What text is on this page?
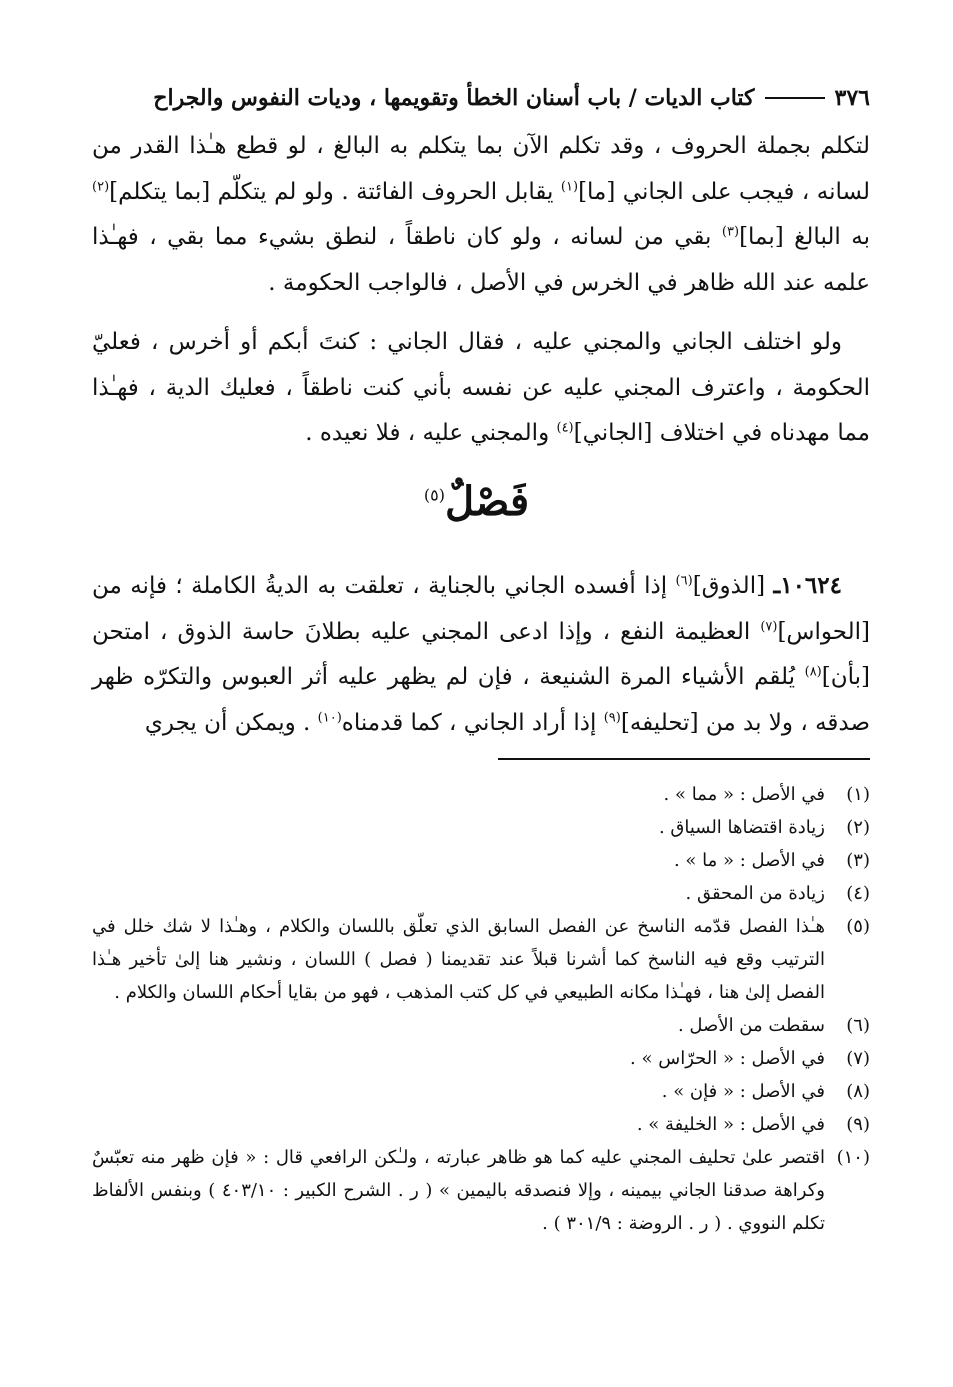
٣٧٦
كتاب الديات / باب أسنان الخطأ وتقويمها ، وديات النفوس والجراح
لتكلم بجملة الحروف ، وقد تكلم الآن بما يتكلم به البالغ ، لو قطع هـٰذا القدر من لسانه ، فيجب على الجاني [ما]$^{(١)}$ يقابل الحروف الفائتة . ولو لم يتكلّم [بما يتكلم]$^{(٢)}$ به البالغ [بما]$^{(٣)}$ بقي من لسانه ، ولو كان ناطقاً ، لنطق بشيء مما بقي ، فهـٰذا علمه عند الله ظاهر في الخرس في الأصل ، فالواجب الحكومة .
ولو اختلف الجاني والمجني عليه ، فقال الجاني : كنتَ أبكم أو أخرس ، فعليّ الحكومة ، واعترف المجني عليه عن نفسه بأني كنت ناطقاً ، فعليك الدية ، فهـٰذا مما مهدناه في اختلاف [الجاني]$^{(٤)}$ والمجني عليه ، فلا نعيده .
فَصْلٌ$^{(٥)}$
١٠٦٢٤ـ [الذوق]$^{(٦)}$ إذا أفسده الجاني بالجناية ، تعلقت به الديةُ الكاملة ؛ فإنه من [الحواس]$^{(٧)}$ العظيمة النفع ، وإذا ادعى المجني عليه بطلانَ حاسة الذوق ، امتحن [بأن]$^{(٨)}$ يُلقم الأشياء المرة الشنيعة ، فإن لم يظهر عليه أثر العبوس والتكرّه ظهر صدقه ، ولا بد من [تحليفه]$^{(٩)}$ إذا أراد الجاني ، كما قدمناه$^{(١٠)}$ . ويمكن أن يجري
(١)
في الأصل : « مما » .
(٢)
زيادة اقتضاها السياق .
(٣)
في الأصل : « ما » .
(٤)
زيادة من المحقق .
(٥)
هـٰذا الفصل قدّمه الناسخ عن الفصل السابق الذي تعلّق باللسان والكلام ، وهـٰذا لا شك خلل في الترتيب وقع فيه الناسخ كما أشرنا قبلاً عند تقديمنا ( فصل ) اللسان ، ونشير هنا إلىٰ تأخير هـٰذا الفصل إلىٰ هنا ، فهـٰذا مكانه الطبيعي في كل كتب المذهب ، فهو من بقايا أحكام اللسان والكلام .
(٦)
سقطت من الأصل .
(٧)
في الأصل : « الحرّاس » .
(٨)
في الأصل : « فإن » .
(٩)
في الأصل : « الخليفة » .
(١٠)
اقتصر علىٰ تحليف المجني عليه كما هو ظاهر عبارته ، ولـٰكن الرافعي قال : « فإن ظهر منه تعبّسٌ وكراهة صدقنا الجاني بيمينه ، وإلا فنصدقه باليمين » ( ر . الشرح الكبير : ٤٠٣/١٠ ) وبنفس الألفاظ تكلم النووي . ( ر . الروضة : ٣٠١/٩ ) .
